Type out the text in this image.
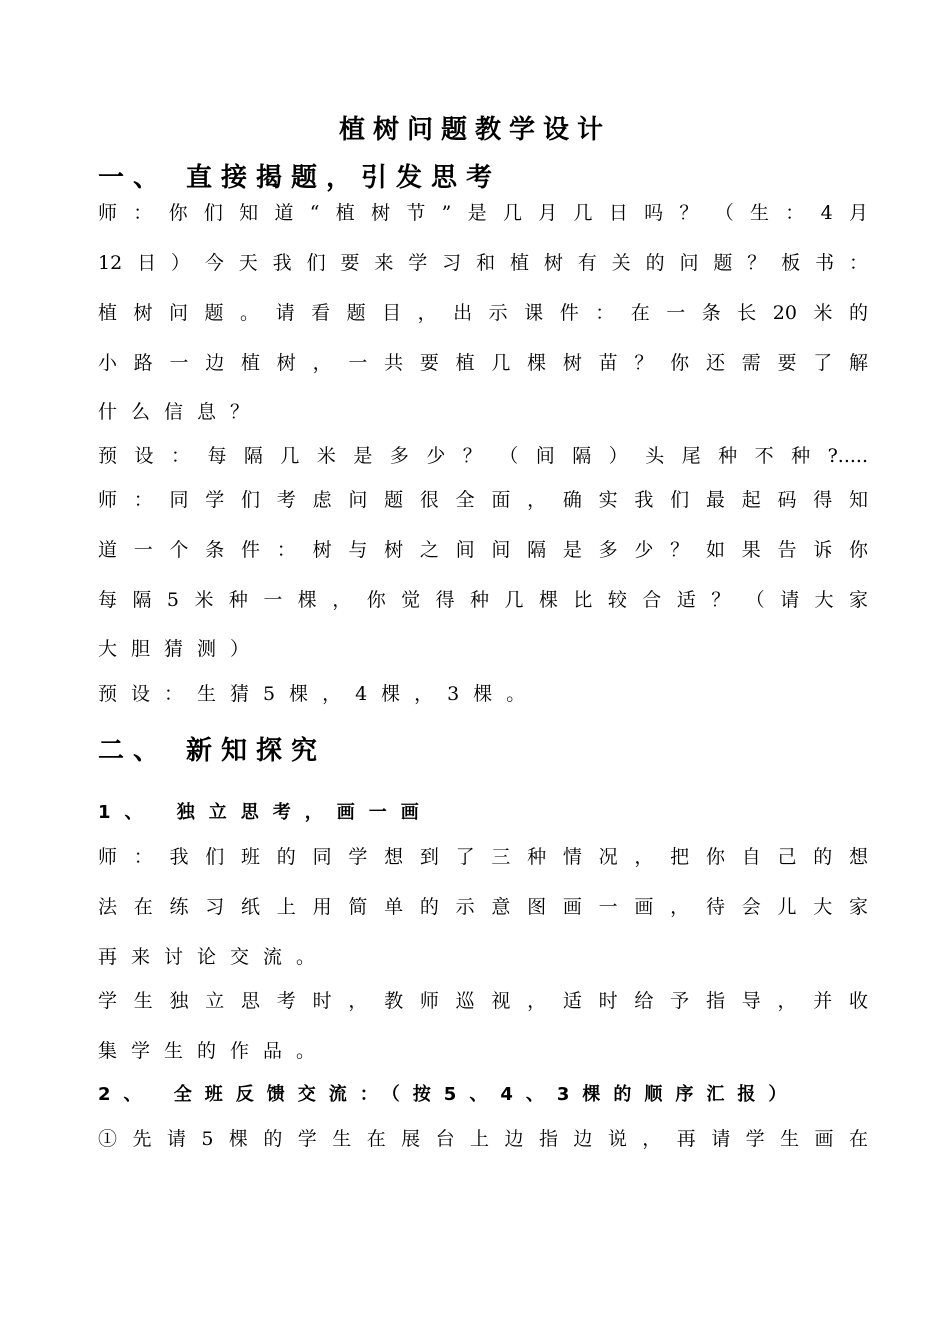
植树问题教学设计
一、 直接揭题，引发思考
师：你们知道“植树节”是几月几日吗？（生：4月
12日）今天我们要来学习和植树有关的问题？板书：
植树问题。请看题目，出示课件：在一条长20米的
小路一边植树，一共要植几棵树苗？你还需要了解
什么信息？
预设：每隔几米是多少？（间隔）头尾种不种?.....
师：同学们考虑问题很全面，确实我们最起码得知
道一个条件：树与树之间间隔是多少？如果告诉你
每隔5米种一棵，你觉得种几棵比较合适？（请大家
大胆猜测）
预设：生猜5棵，4棵，3棵。
二、 新知探究
1、 独立思考，画一画
师：我们班的同学想到了三种情况，把你自己的想
法在练习纸上用简单的示意图画一画，待会儿大家
再来讨论交流。
学生独立思考时，教师巡视，适时给予指导，并收
集学生的作品。
2、 全班反馈交流：（按5、4、3棵的顺序汇报）
①先请5棵的学生在展台上边指边说，再请学生画在
